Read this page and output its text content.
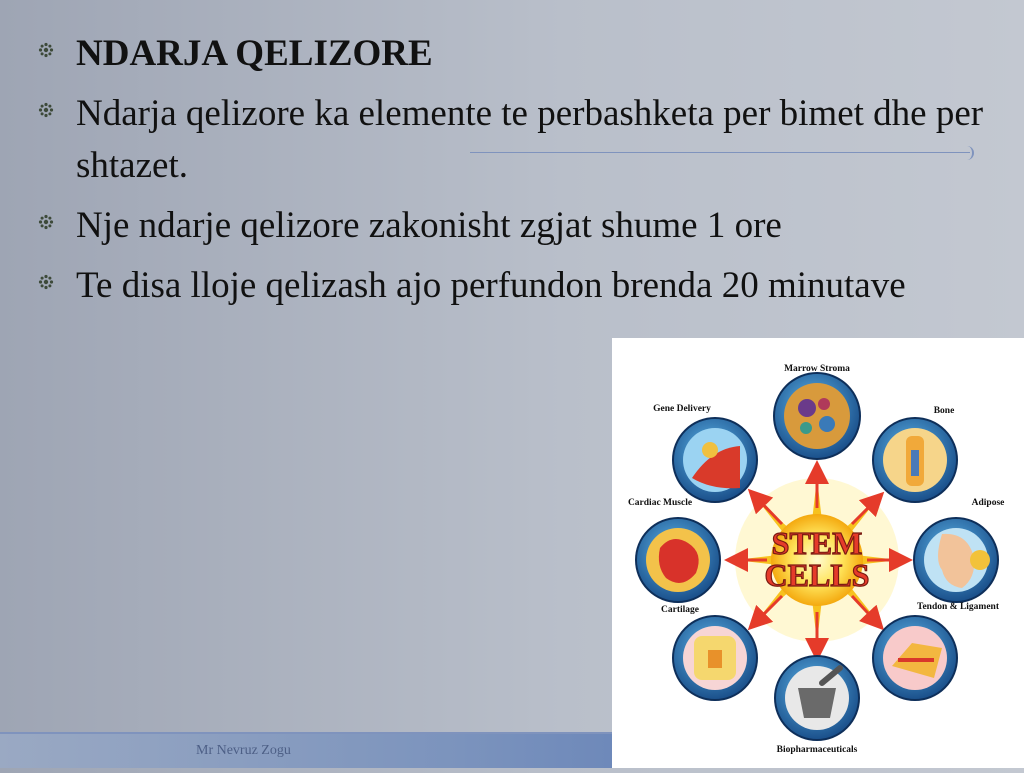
NDARJA QELIZORE
Ndarja qelizore ka elemente te perbashketa per bimet dhe per shtazet.
Nje ndarje qelizore zakonisht zgjat shume 1 ore
Te disa lloje qelizash ajo perfundon brenda 20 minutave
Mr Nevruz Zogu
STEM
CELLS
Marrow Stroma
Gene Delivery	Bone
Cardiac Muscle	Adipose
Cartilage	Tendon & Ligament
Biopharmaceuticals
